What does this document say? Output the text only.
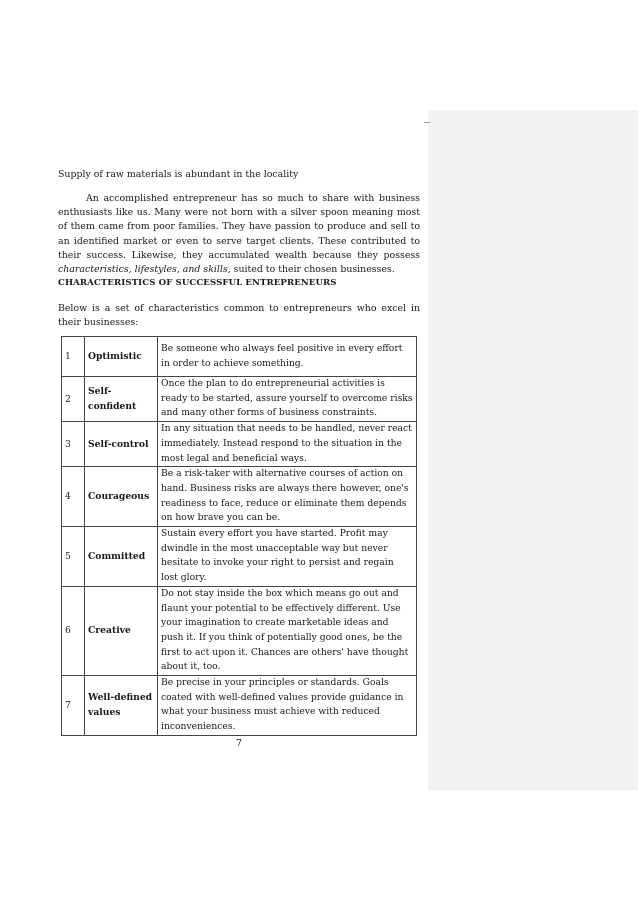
Supply of raw materials is abundant in the locality

An accomplished entrepreneur has so much to share with business enthusiasts like us. Many were not born with a silver spoon meaning most of them came from poor families. They have passion to produce and sell to an identified market or even to serve target clients. These contributed to their success. Likewise, they accumulated wealth because they possess characteristics, lifestyles, and skills, suited to their chosen businesses.

CHARACTERISTICS OF SUCCESSFUL ENTREPRENEURS

Below is a set of characteristics common to entrepreneurs who excel in their businesses:

1	Optimistic	Be someone who always feel positive in every effort in order to achieve something.
2	Self-confident	Once the plan to do entrepreneurial activities is ready to be started, assure yourself to overcome risks and many other forms of business constraints.
3	Self-control	In any situation that needs to be handled, never react immediately. Instead respond to the situation in the most legal and beneficial ways.
4	Courageous	Be a risk-taker with alternative courses of action on hand. Business risks are always there however, one's readiness to face, reduce or eliminate them depends on how brave you can be.
5	Committed	Sustain every effort you have started. Profit may dwindle in the most unacceptable way but never hesitate to invoke your right to persist and regain lost glory.
6	Creative	Do not stay inside the box which means go out and flaunt your potential to be effectively different. Use your imagination to create marketable ideas and push it. If you think of potentially good ones, be the first to act upon it. Chances are others' have thought about it, too.
7	Well-defined values	Be precise in your principles or standards. Goals coated with well-defined values provide guidance in what your business must achieve with reduced inconveniences.
7
